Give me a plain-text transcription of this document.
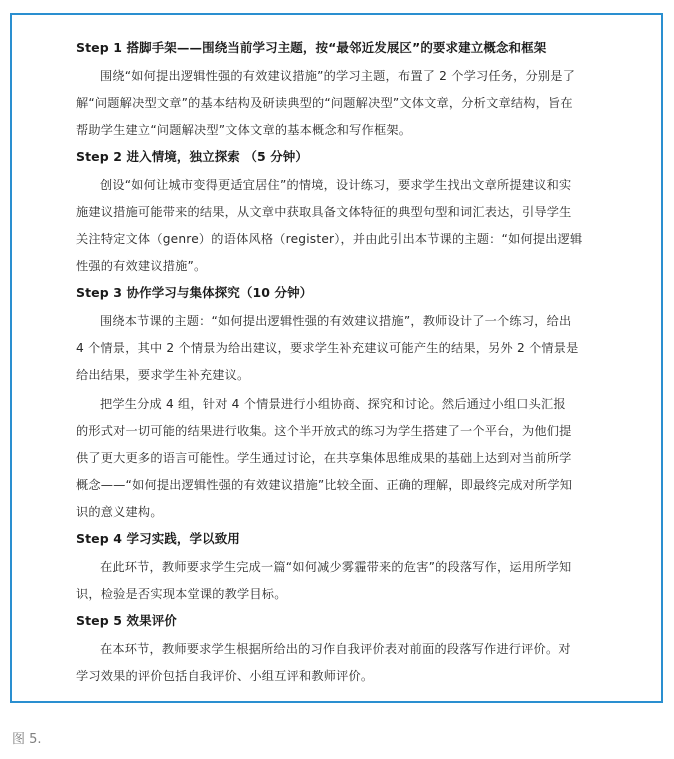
Step 1 搭脚手架——围绕当前学习主题，按“最邻近发展区”的要求建立概念和框架
围绕“如何提出逻辑性强的有效建议措施”的学习主题，布置了 2 个学习任务，分别是了
解“问题解决型文章”的基本结构及研读典型的“问题解决型”文体文章，分析文章结构，旨在
帮助学生建立“问题解决型”文体文章的基本概念和写作框架。
Step 2 进入情境，独立探索 （5 分钟）
创设“如何让城市变得更适宜居住”的情境，设计练习，要求学生找出文章所提建议和实
施建议措施可能带来的结果，从文章中获取具备文体特征的典型句型和词汇表达，引导学生
关注特定文体（genre）的语体风格（register），并由此引出本节课的主题：“如何提出逻辑
性强的有效建议措施”。
Step 3 协作学习与集体探究（10 分钟）
围绕本节课的主题：“如何提出逻辑性强的有效建议措施”，教师设计了一个练习，给出
4 个情景，其中 2 个情景为给出建议，要求学生补充建议可能产生的结果，另外 2 个情景是
给出结果，要求学生补充建议。
把学生分成 4 组，针对 4 个情景进行小组协商、探究和讨论。然后通过小组口头汇报
的形式对一切可能的结果进行收集。这个半开放式的练习为学生搭建了一个平台，为他们提
供了更大更多的语言可能性。学生通过讨论，在共享集体思维成果的基础上达到对当前所学
概念——“如何提出逻辑性强的有效建议措施”比较全面、正确的理解，即最终完成对所学知
识的意义建构。
Step 4 学习实践，学以致用
在此环节，教师要求学生完成一篇“如何减少雾霾带来的危害”的段落写作，运用所学知
识，检验是否实现本堂课的教学目标。
Step 5 效果评价
在本环节，教师要求学生根据所给出的习作自我评价表对前面的段落写作进行评价。对
学习效果的评价包括自我评价、小组互评和教师评价。
图 5.
